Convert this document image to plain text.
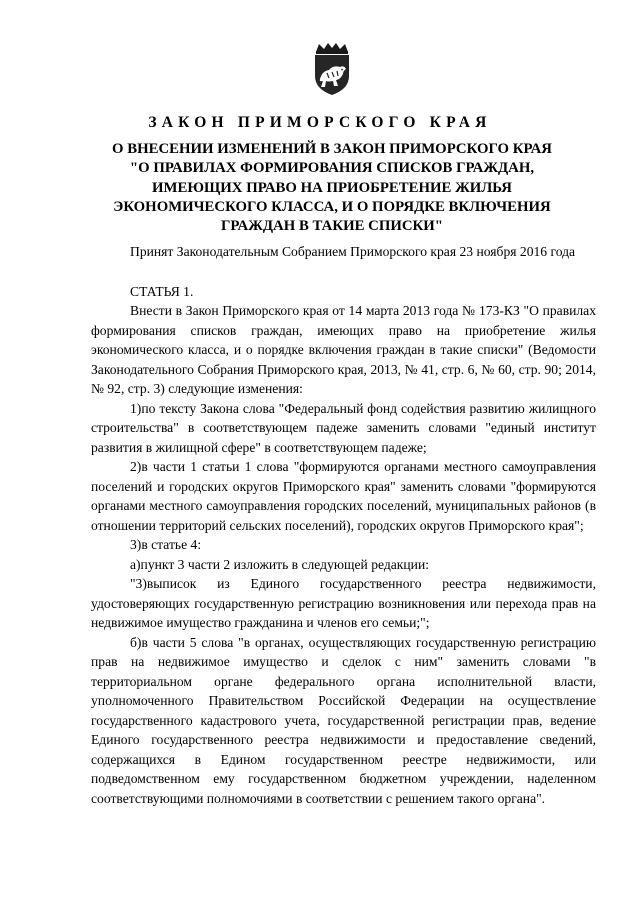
ЗАКОН ПРИМОРСКОГО КРАЯ
О ВНЕСЕНИИ ИЗМЕНЕНИЙ В ЗАКОН ПРИМОРСКОГО КРАЯ
"О ПРАВИЛАХ ФОРМИРОВАНИЯ СПИСКОВ ГРАЖДАН,
ИМЕЮЩИХ ПРАВО НА ПРИОБРЕТЕНИЕ ЖИЛЬЯ
ЭКОНОМИЧЕСКОГО КЛАССА, И О ПОРЯДКЕ ВКЛЮЧЕНИЯ
ГРАЖДАН В ТАКИЕ СПИСКИ"

Принят Законодательным Собранием Приморского края 23 ноября 2016 года

СТАТЬЯ 1.

Внести в Закон Приморского края от 14 марта 2013 года № 173-КЗ "О правилах формирования списков граждан, имеющих право на приобретение жилья экономического класса, и о порядке включения граждан в такие списки" (Ведомости Законодательного Собрания Приморского края, 2013, № 41, стр. 6, № 60, стр. 90; 2014, № 92, стр. 3) следующие изменения:

1)по тексту Закона слова "Федеральный фонд содействия развитию жилищного строительства" в соответствующем падеже заменить словами "единый институт развития в жилищной сфере" в соответствующем падеже;

2)в части 1 статьи 1 слова "формируются органами местного самоуправления поселений и городских округов Приморского края" заменить словами "формируются органами местного самоуправления городских поселений, муниципальных районов (в отношении территорий сельских поселений), городских округов Приморского края";

3)в статье 4:

а)пункт 3 части 2 изложить в следующей редакции:

"3)выписок из Единого государственного реестра недвижимости, удостоверяющих государственную регистрацию возникновения или перехода прав на недвижимое имущество гражданина и членов его семьи;";

б)в части 5 слова "в органах, осуществляющих государственную регистрацию прав на недвижимое имущество и сделок с ним" заменить словами "в территориальном органе федерального органа исполнительной власти, уполномоченного Правительством Российской Федерации на осуществление государственного кадастрового учета, государственной регистрации прав, ведение Единого государственного реестра недвижимости и предоставление сведений, содержащихся в Едином государственном реестре недвижимости, или подведомственном ему государственном бюджетном учреждении, наделенном соответствующими полномочиями в соответствии с решением такого органа".
